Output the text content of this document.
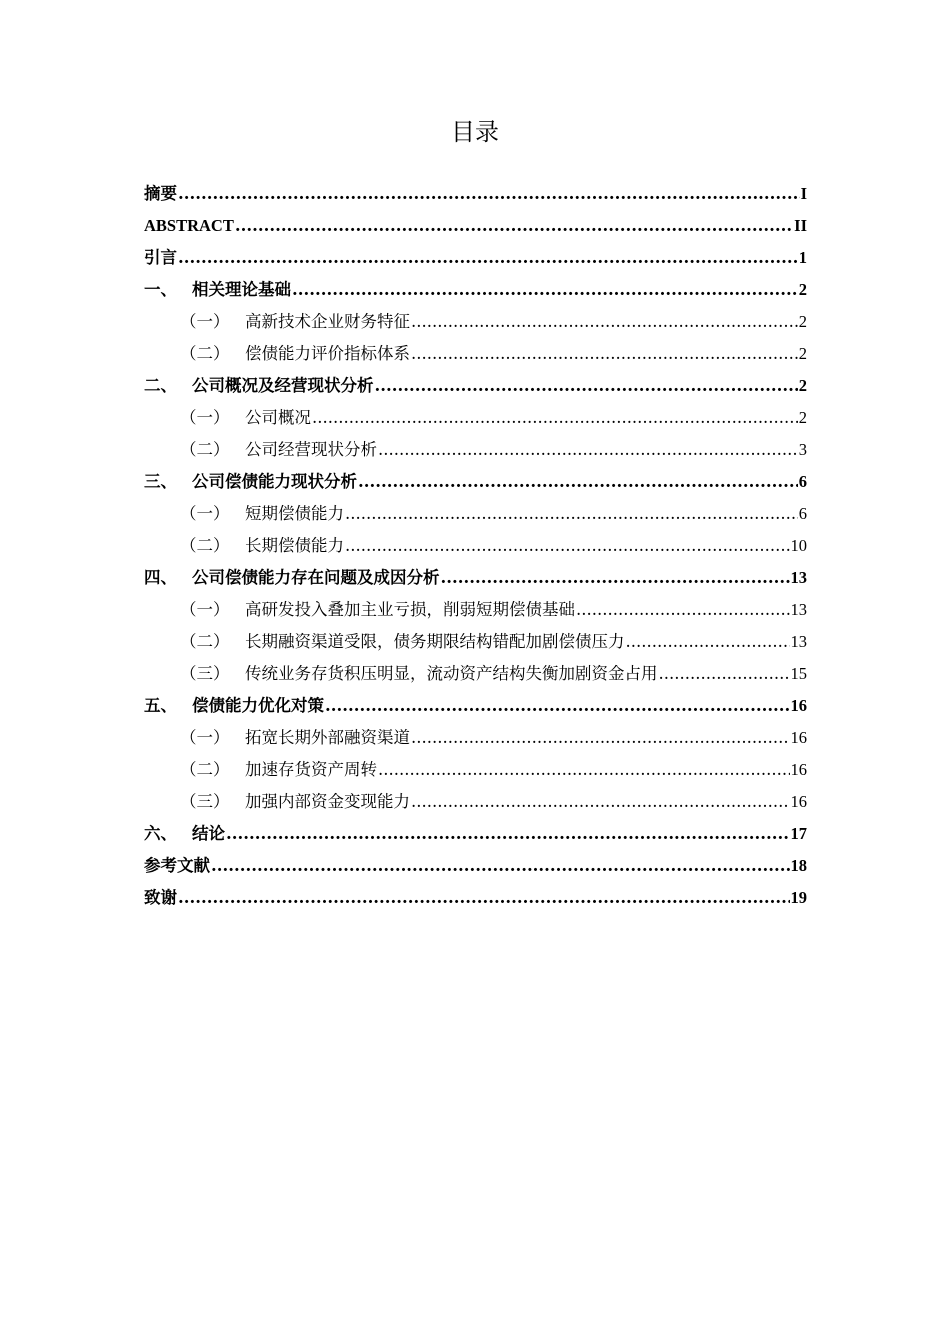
目录
摘要 .....	I
ABSTRACT .....	II
引言 .....	1
一、 相关理论基础 .....	2
（一） 高新技术企业财务特征 .....	2
（二） 偿债能力评价指标体系 .....	2
二、 公司概况及经营现状分析 .....	2
（一） 公司概况 .....	2
（二） 公司经营现状分析 .....	3
三、 公司偿债能力现状分析 .....	6
（一） 短期偿债能力 .....	6
（二） 长期偿债能力 .....	10
四、 公司偿债能力存在问题及成因分析 .....	13
（一） 高研发投入叠加主业亏损，削弱短期偿债基础 .....	13
（二） 长期融资渠道受限，债务期限结构错配加剧偿债压力 .....	13
（三） 传统业务存货积压明显，流动资产结构失衡加剧资金占用 .....	15
五、 偿债能力优化对策 .....	16
（一） 拓宽长期外部融资渠道 .....	16
（二） 加速存货资产周转 .....	16
（三） 加强内部资金变现能力 .....	16
六、 结论 .....	17
参考文献 .....	18
致谢 .....	19
